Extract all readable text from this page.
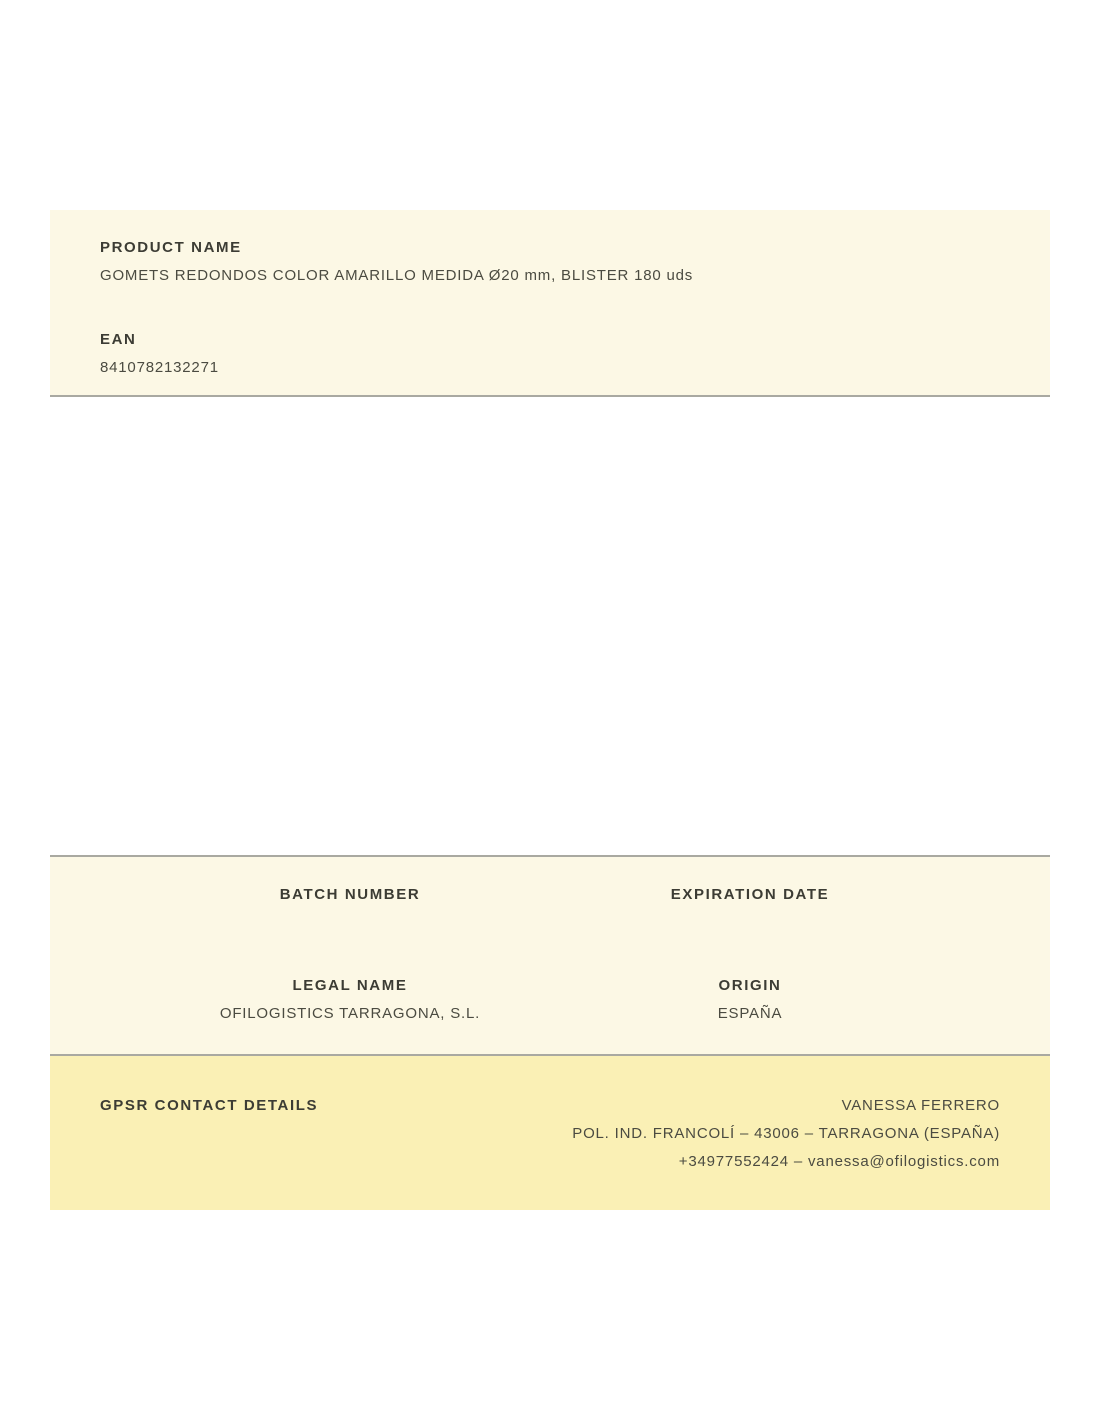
PRODUCT NAME
GOMETS REDONDOS COLOR AMARILLO MEDIDA Ø20 mm, BLISTER 180 uds
EAN
8410782132271
BATCH NUMBER
LEGAL NAME
OFILOGISTICS TARRAGONA, S.L.
EXPIRATION DATE
ORIGIN
ESPAÑA
GPSR CONTACT DETAILS	VANESSA FERRERO
POL. IND. FRANCOLÍ – 43006 – TARRAGONA (ESPAÑA)
+34977552424 – vanessa@ofilogistics.com
